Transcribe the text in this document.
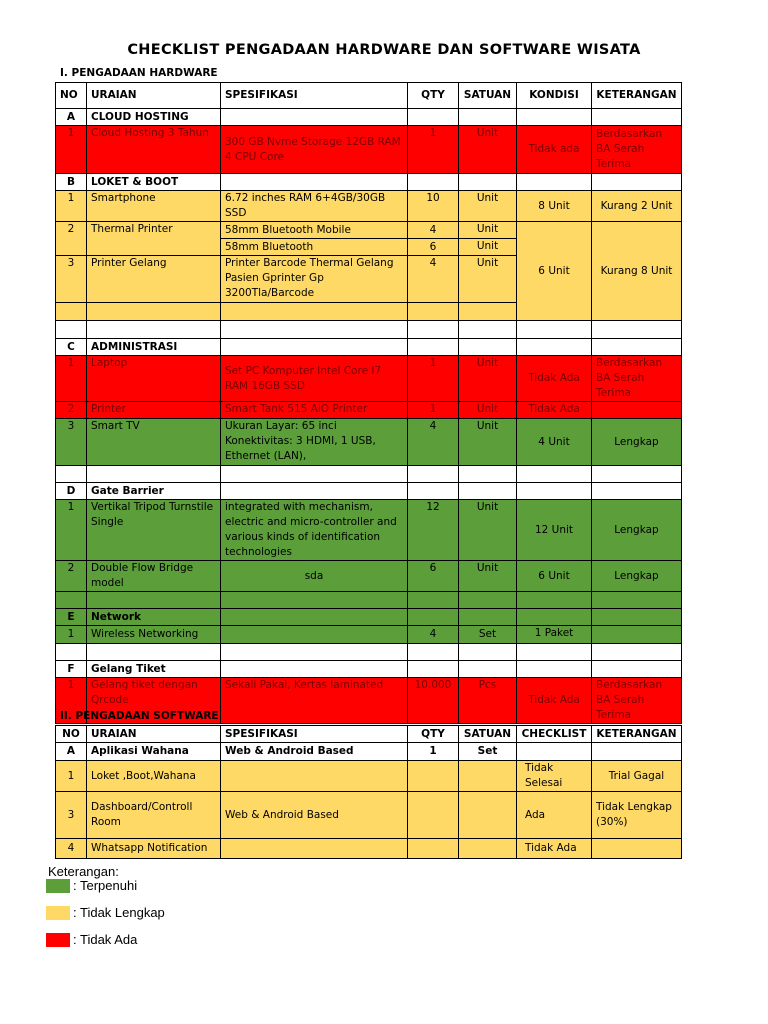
CHECKLIST PENGADAAN HARDWARE DAN SOFTWARE WISATA
I. PENGADAAN HARDWARE
NO	URAIAN	SPESIFIKASI	QTY	SATUAN	KONDISI	KETERANGAN
A	CLOUD HOSTING					
1	Cloud Hosting 3 Tahun	300 GB Nvme Storage 12GB RAM 4 CPU Core	1	Unit	Tidak ada	Berdasarkan BA Serah Terima
B	LOKET & BOOT					
1	Smartphone	6.72 inches RAM 6+4GB/30GB SSD	10	Unit	8 Unit	Kurang 2 Unit
2	Thermal Printer	58mm Bluetooth Mobile	4	Unit	6 Unit	Kurang 8 Unit
		58mm Bluetooth	6	Unit		
3	Printer Gelang	Printer Barcode Thermal Gelang Pasien Gprinter Gp 3200Tla/Barcode	4	Unit		

C	ADMINISTRASI					
1	Laptop	Set PC Komputer Intel Core I7 RAM 16GB SSD	1	Unit	Tidak Ada	Berdasarkan BA Serah Terima
2	Printer	Smart Tank 515 AiO Printer	1	Unit	Tidak Ada	
3	Smart TV	Ukuran Layar: 65 inci Konektivitas: 3 HDMI, 1 USB, Ethernet (LAN),	4	Unit	4 Unit	Lengkap

D	Gate Barrier					
1	Vertikal Tripod Turnstile Single	integrated with mechanism, electric and micro-controller and various kinds of identification technologies	12	Unit	12 Unit	Lengkap
2	Double Flow Bridge model	sda	6	Unit	6 Unit	Lengkap

E	Network					
1	Wireless Networking		4	Set	1 Paket	

F	Gelang Tiket					
1	Gelang tiket dengan Qrcode	Sekali Pakai, Kertas laminated	10.000	Pcs	Tidak Ada	Berdasarkan BA Serah Terima
II. PENGADAAN SOFTWARE
NO	URAIAN	SPESIFIKASI	QTY	SATUAN	CHECKLIST	KETERANGAN
A	Aplikasi Wahana	Web & Android Based	1	Set		
1	Loket ,Boot,Wahana				Tidak Selesai	Trial Gagal
3	Dashboard/Controll Room	Web & Android Based			Ada	Tidak Lengkap (30%)
4	Whatsapp Notification				Tidak Ada	
Keterangan:
: Terpenuhi
: Tidak Lengkap
: Tidak Ada
